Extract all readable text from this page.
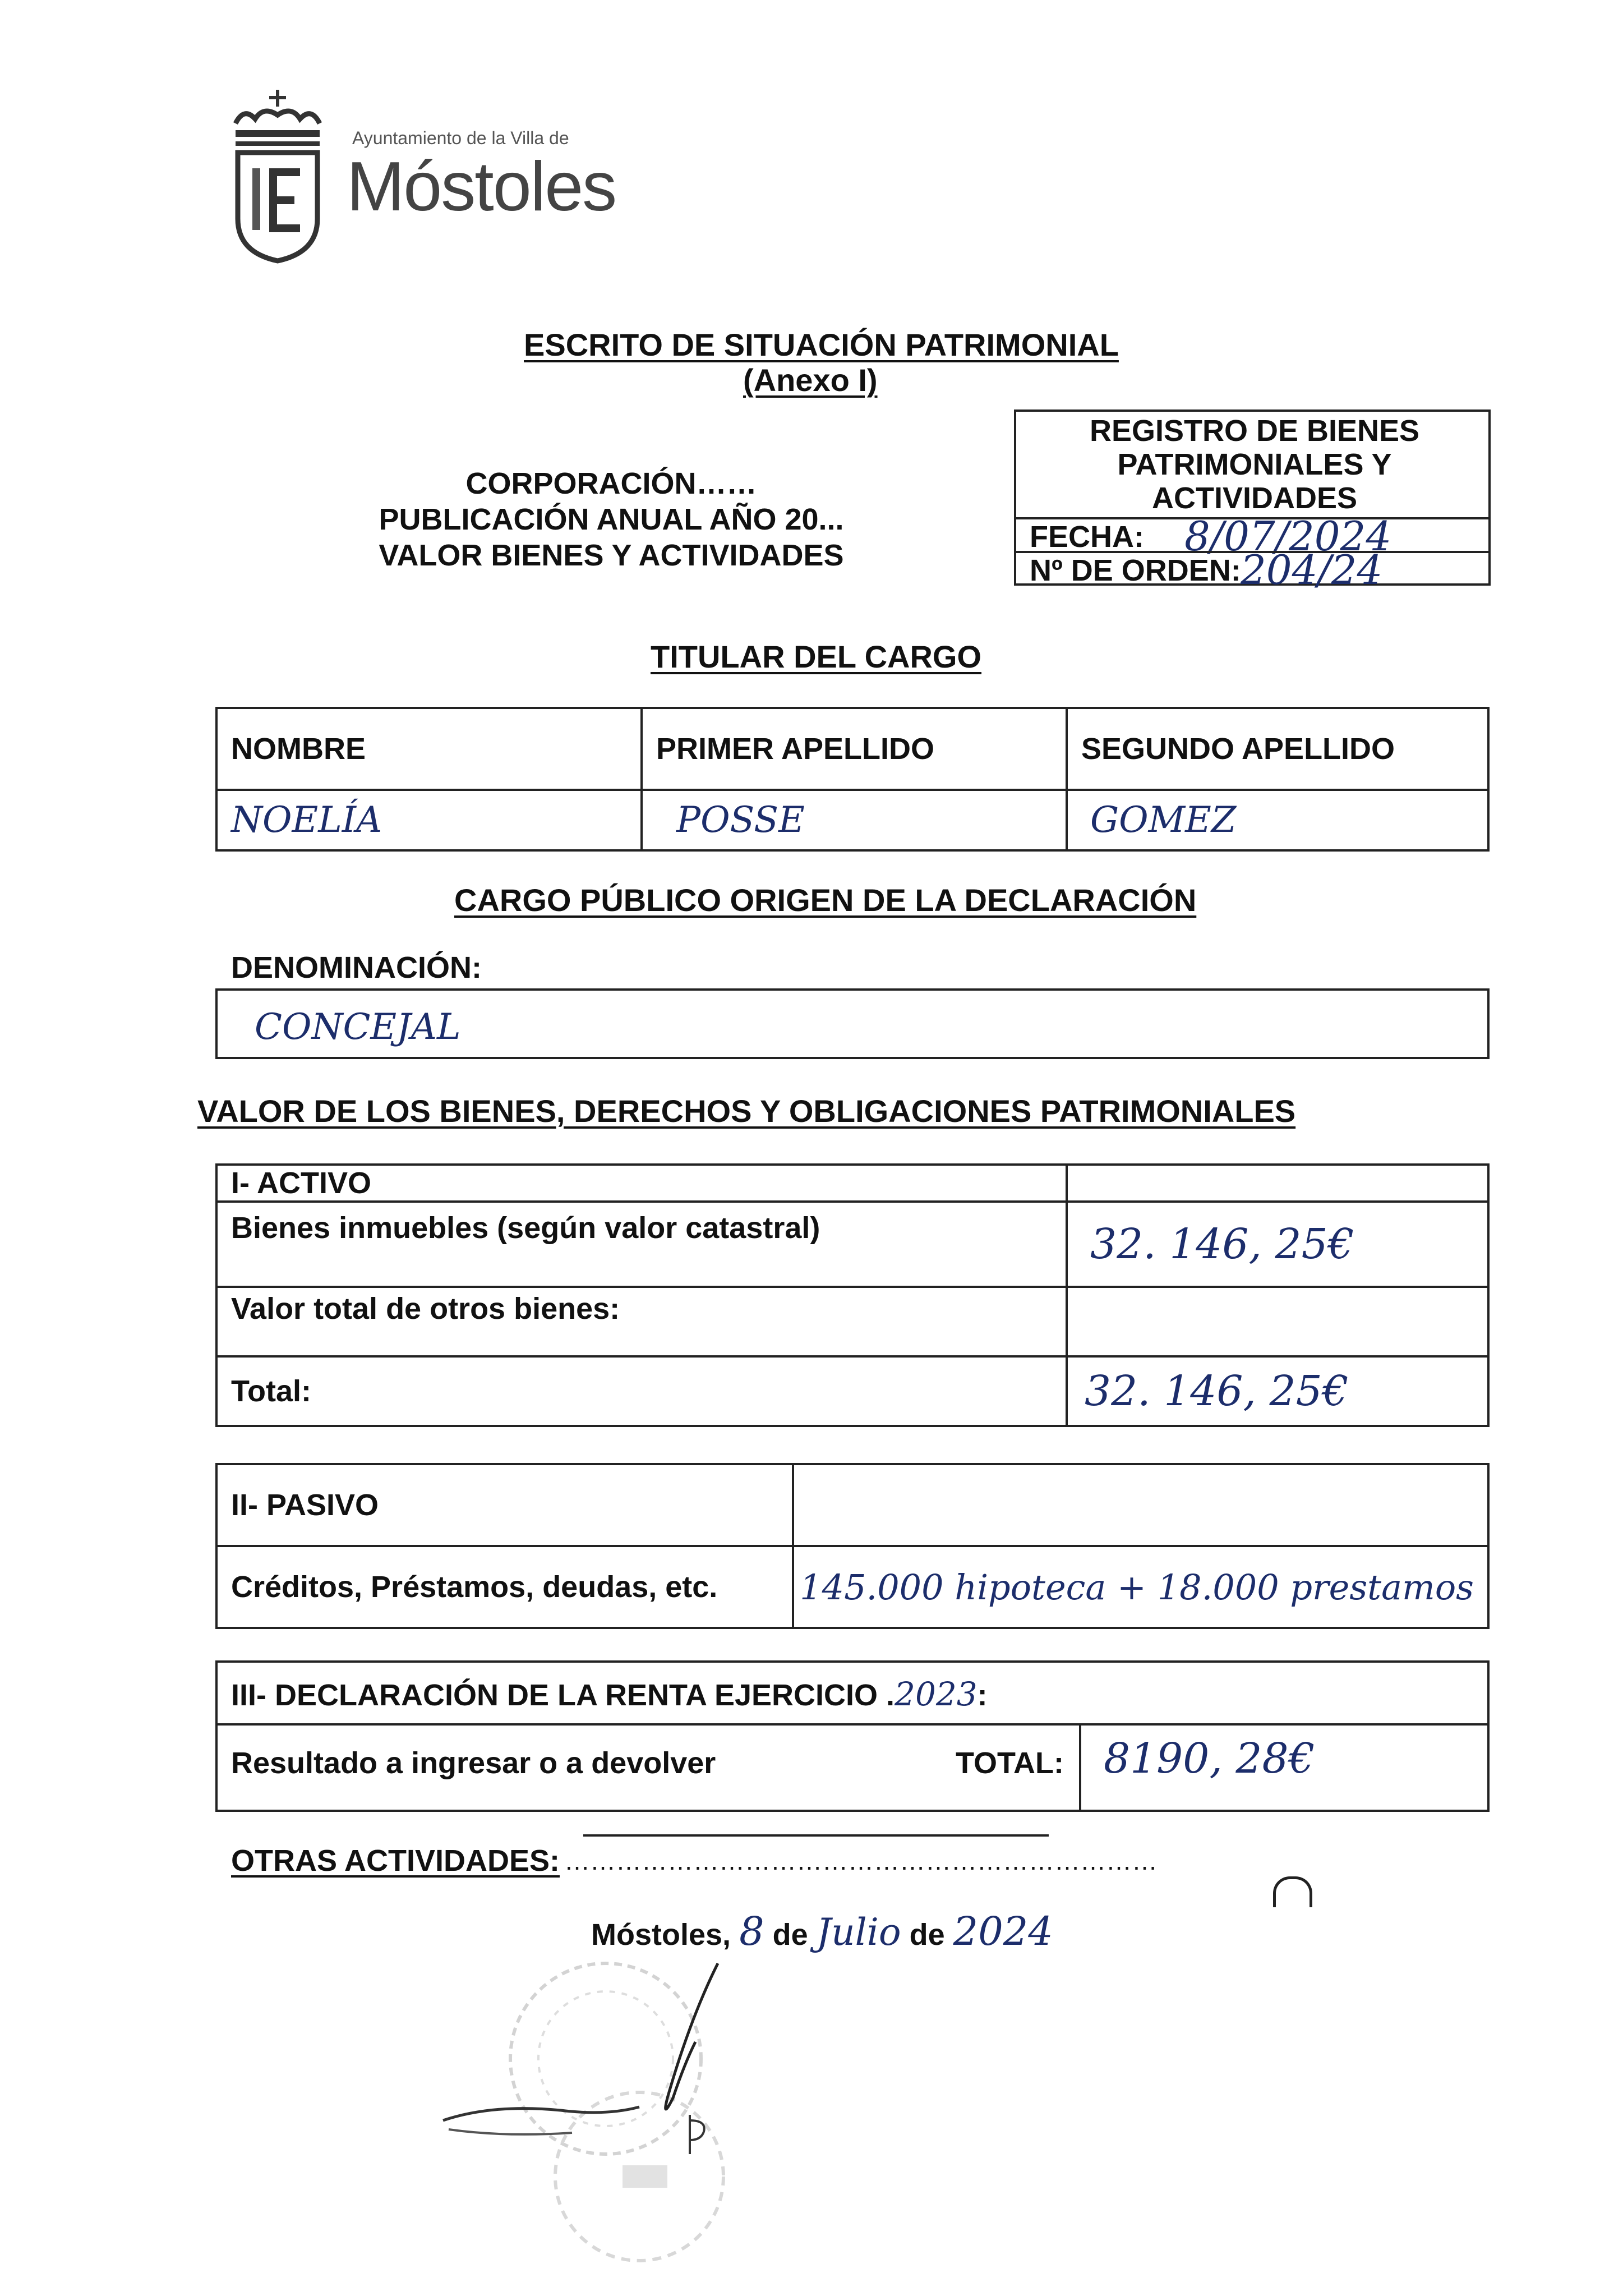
Ayuntamiento de la Villa de
Móstoles
ESCRITO DE SITUACIÓN PATRIMONIAL
(Anexo I)
CORPORACIÓN……
PUBLICACIÓN ANUAL AÑO 20...
VALOR BIENES Y ACTIVIDADES
REGISTRO DE BIENES PATRIMONIALES Y ACTIVIDADES
FECHA: 8/07/2024
Nº DE ORDEN: 204/24
TITULAR DEL CARGO
NOMBRE	PRIMER APELLIDO	SEGUNDO APELLIDO
NOELÍA	POSSE	GOMEZ
CARGO PÚBLICO ORIGEN DE LA DECLARACIÓN
DENOMINACIÓN:
CONCEJAL
VALOR DE LOS BIENES, DERECHOS Y OBLIGACIONES PATRIMONIALES
I- ACTIVO	
Bienes inmuebles (según valor catastral)	32. 146, 25€
Valor total de otros bienes:	
Total:	32. 146, 25€
II- PASIVO	
Créditos, Préstamos, deudas, etc.	145.000 hipoteca + 18.000 prestamos
III- DECLARACIÓN DE LA RENTA EJERCICIO .2023:
Resultado a ingresar o a devolver	TOTAL: 8190, 28€
OTRAS ACTIVIDADES: ……………………………………………………………
Móstoles, 8 de Julio de 2024
